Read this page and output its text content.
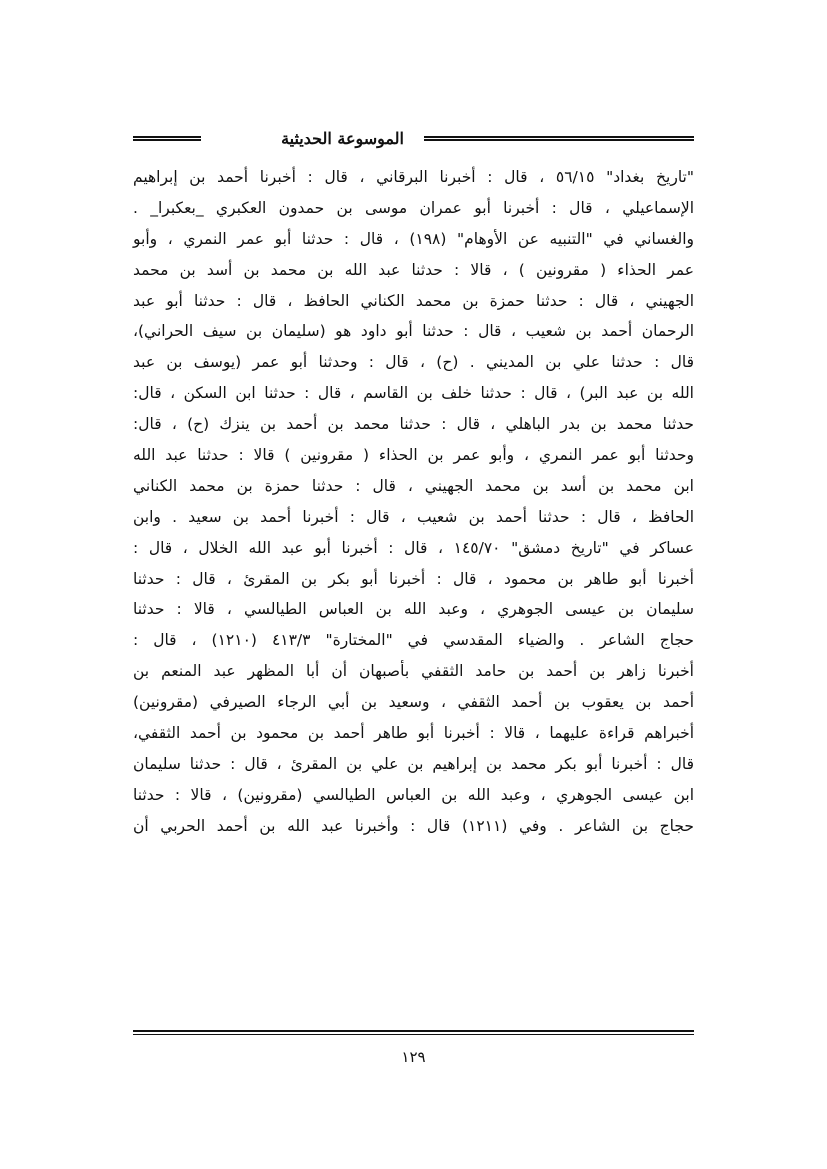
الموسوعة الحديثية
"تاريخ بغداد" ٥٦/١٥ ، قال : أخبرنا البرقاني ، قال : أخبرنا أحمد بن إبراهيم
الإسماعيلي ، قال : أخبرنا أبو عمران موسى بن حمدون العكبري _بعكبرا_ .
والغساني في "التنبيه عن الأوهام" (١٩٨) ، قال : حدثنا أبو عمر النمري ، وأبو
عمر الحذاء ( مقرونين ) ، قالا : حدثنا عبد الله بن محمد بن أسد بن محمد
الجهيني ، قال : حدثنا حمزة بن محمد الكناني الحافظ ، قال : حدثنا أبو عبد
الرحمان أحمد بن شعيب ، قال : حدثنا أبو داود هو (سليمان بن سيف الحراني)،
قال : حدثنا علي بن المديني . (ح) ، قال : وحدثنا أبو عمر (يوسف بن عبد
الله بن عبد البر) ، قال : حدثنا خلف بن القاسم ، قال : حدثنا ابن السكن ، قال:
حدثنا محمد بن بدر الباهلي ، قال : حدثنا محمد بن أحمد بن ينزك (ح) ، قال:
وحدثنا أبو عمر النمري ، وأبو عمر بن الحذاء ( مقرونين ) قالا : حدثنا عبد الله
ابن محمد بن أسد بن محمد الجهيني ، قال : حدثنا حمزة بن محمد الكناني
الحافظ ، قال : حدثنا أحمد بن شعيب ، قال : أخبرنا أحمد بن سعيد . وابن
عساكر في "تاريخ دمشق" ١٤٥/٧٠ ، قال : أخبرنا أبو عبد الله الخلال ، قال :
أخبرنا أبو طاهر بن محمود ، قال : أخبرنا أبو بكر بن المقرئ ، قال : حدثنا
سليمان بن عيسى الجوهري ، وعبد الله بن العباس الطيالسي ، قالا : حدثنا
حجاج الشاعر . والضياء المقدسي في "المختارة" ٤١٣/٣ (١٢١٠) ، قال :
أخبرنا زاهر بن أحمد بن حامد الثقفي بأصبهان أن أبا المظهر عبد المنعم بن
أحمد بن يعقوب بن أحمد الثقفي ، وسعيد بن أبي الرجاء الصيرفي (مقرونين)
أخبراهم قراءة عليهما ، قالا : أخبرنا أبو طاهر أحمد بن محمود بن أحمد الثقفي،
قال : أخبرنا أبو بكر محمد بن إبراهيم بن علي بن المقرئ ، قال : حدثنا سليمان
ابن عيسى الجوهري ، وعبد الله بن العباس الطيالسي (مقرونين) ، قالا : حدثنا
حجاج بن الشاعر . وفي (١٢١١) قال : وأخبرنا عبد الله بن أحمد الحربي أن
١٢٩
